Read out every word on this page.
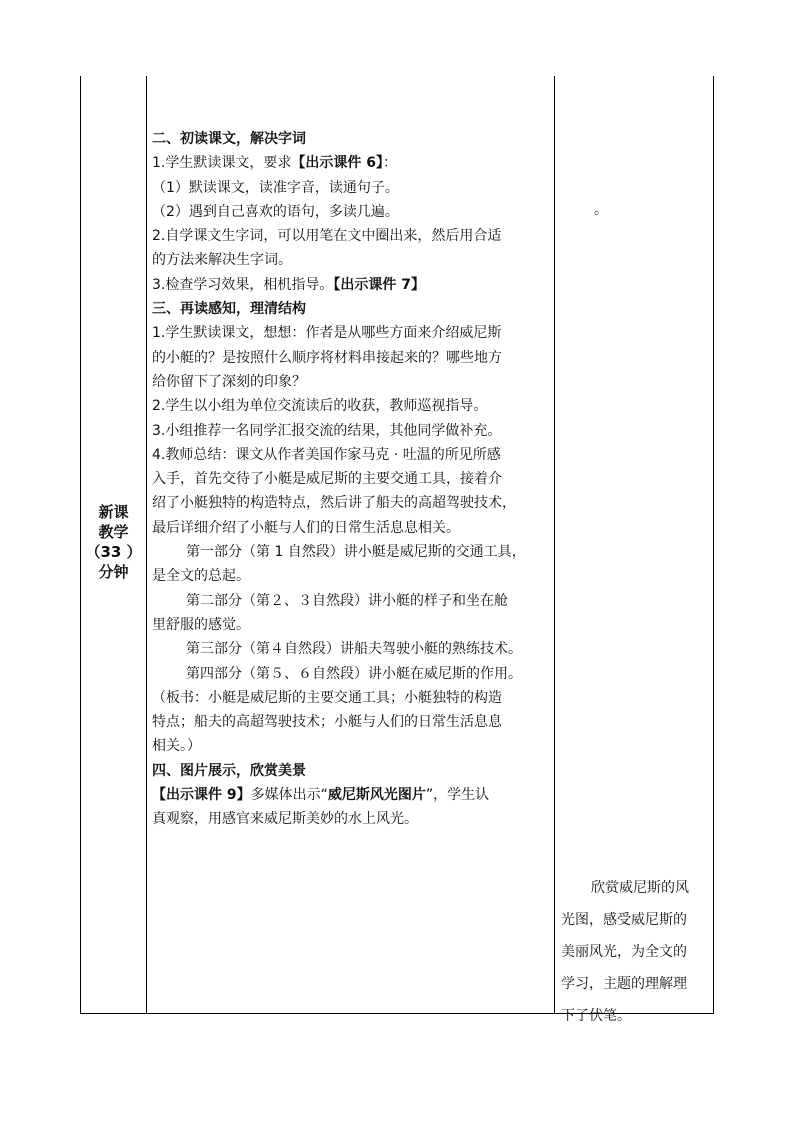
新课
教学
（33 ）
分钟
二、初读课文，解决字词
1.学生默读课文，要求【出示课件 6】：
（1）默读课文，读准字音，读通句子。
（2）遇到自己喜欢的语句，多读几遍。
2.自学课文生字词，可以用笔在文中圈出来，然后用合适
的方法来解决生字词。
3.检查学习效果，相机指导。【出示课件 7】
三、再读感知，理清结构
1.学生默读课文，想想：作者是从哪些方面来介绍威尼斯
的小艇的？是按照什么顺序将材料串接起来的？哪些地方
给你留下了深刻的印象？
2.学生以小组为单位交流读后的收获，教师巡视指导。
3.小组推荐一名同学汇报交流的结果，其他同学做补充。
4.教师总结：课文从作者美国作家马克 · 吐温的所见所感
入手，首先交待了小艇是威尼斯的主要交通工具，接着介
绍了小艇独特的构造特点，然后讲了船夫的高超驾驶技术，
最后详细介绍了小艇与人们的日常生活息息相关。
第一部分（第 1 自然段）讲小艇是威尼斯的交通工具，
是全文的总起。
第二部分（第２、３自然段）讲小艇的样子和坐在舱
里舒服的感觉。
第三部分（第４自然段）讲船夫驾驶小艇的熟练技术。
第四部分（第５、６自然段）讲小艇在威尼斯的作用。
（板书：小艇是威尼斯的主要交通工具；小艇独特的构造
特点；船夫的高超驾驶技术；小艇与人们的日常生活息息
相关。）
四、图片展示，欣赏美景
【出示课件 9】多媒体出示“威尼斯风光图片”，学生认
真观察，用感官来威尼斯美妙的水上风光。
。
欣赏威尼斯的风
光图，感受威尼斯的
美丽风光，为全文的
学习，主题的理解理
下了伏笔。
